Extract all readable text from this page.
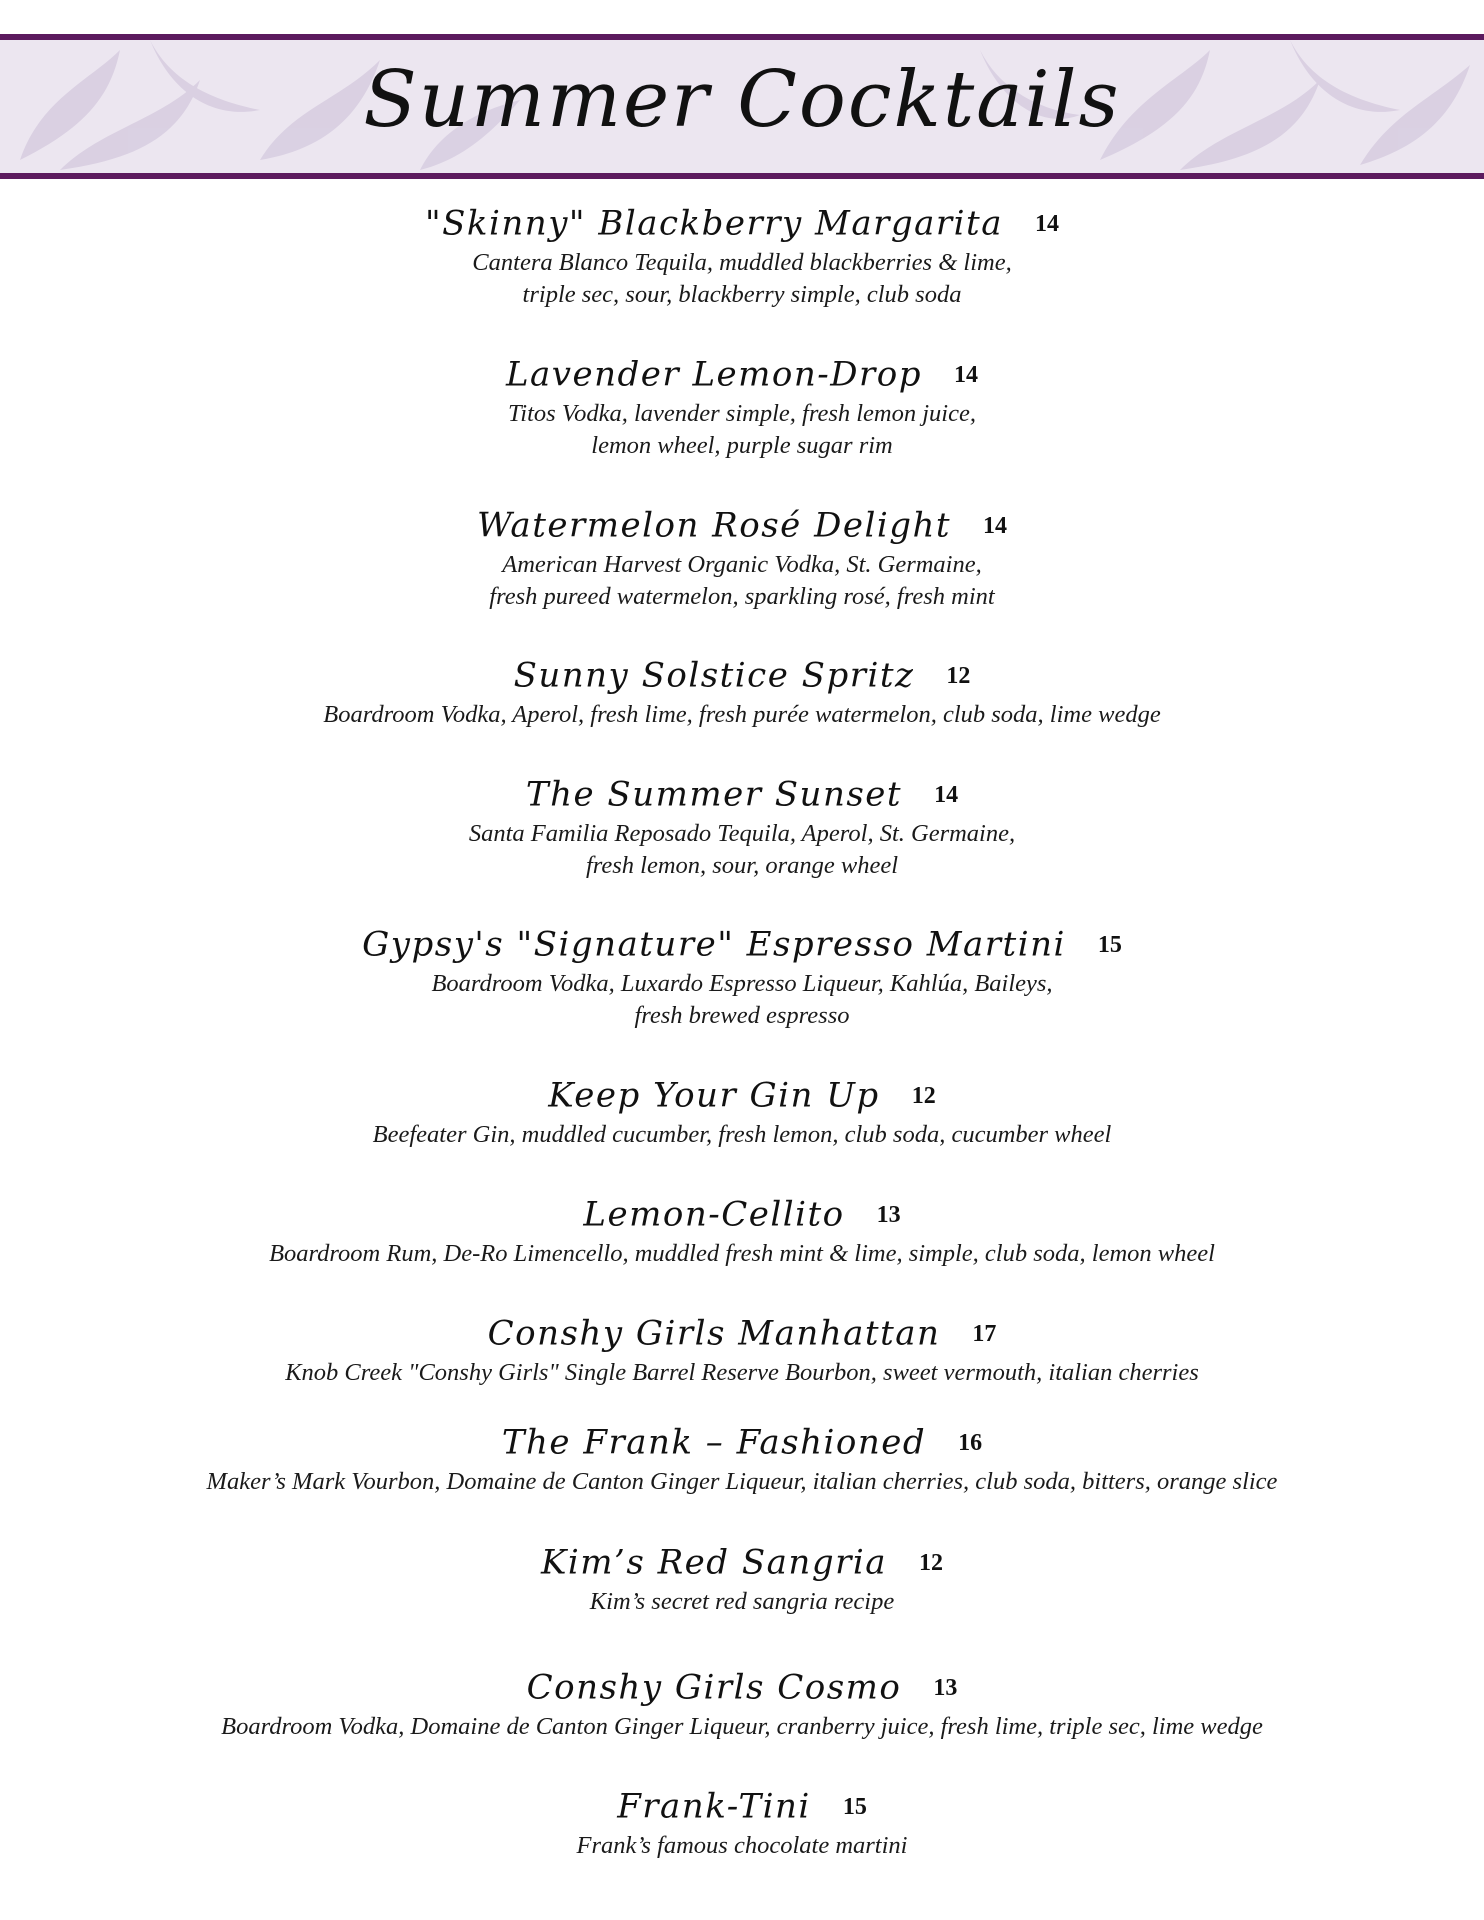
Summer Cocktails
"Skinny" Blackberry Margarita 14
Cantera Blanco Tequila, muddled blackberries & lime,
triple sec, sour, blackberry simple, club soda
Lavender Lemon-Drop 14
Titos Vodka, lavender simple, fresh lemon juice,
lemon wheel, purple sugar rim
Watermelon Rosé Delight 14
American Harvest Organic Vodka, St. Germaine,
fresh pureed watermelon, sparkling rosé, fresh mint
Sunny Solstice Spritz 12
Boardroom Vodka, Aperol, fresh lime, fresh purée watermelon, club soda, lime wedge
The Summer Sunset 14
Santa Familia Reposado Tequila, Aperol, St. Germaine,
fresh lemon, sour, orange wheel
Gypsy's "Signature" Espresso Martini 15
Boardroom Vodka, Luxardo Espresso Liqueur, Kahlúa, Baileys,
fresh brewed espresso
Keep Your Gin Up 12
Beefeater Gin, muddled cucumber, fresh lemon, club soda, cucumber wheel
Lemon-Cellito 13
Boardroom Rum, De-Ro Limencello, muddled fresh mint & lime, simple, club soda, lemon wheel
Conshy Girls Manhattan 17
Knob Creek "Conshy Girls" Single Barrel Reserve Bourbon, sweet vermouth, italian cherries
The Frank – Fashioned 16
Maker’s Mark Vourbon, Domaine de Canton Ginger Liqueur, italian cherries, club soda, bitters, orange slice
Kim’s Red Sangria 12
Kim’s secret red sangria recipe
Conshy Girls Cosmo 13
Boardroom Vodka, Domaine de Canton Ginger Liqueur, cranberry juice, fresh lime, triple sec, lime wedge
Frank-Tini 15
Frank’s famous chocolate martini
